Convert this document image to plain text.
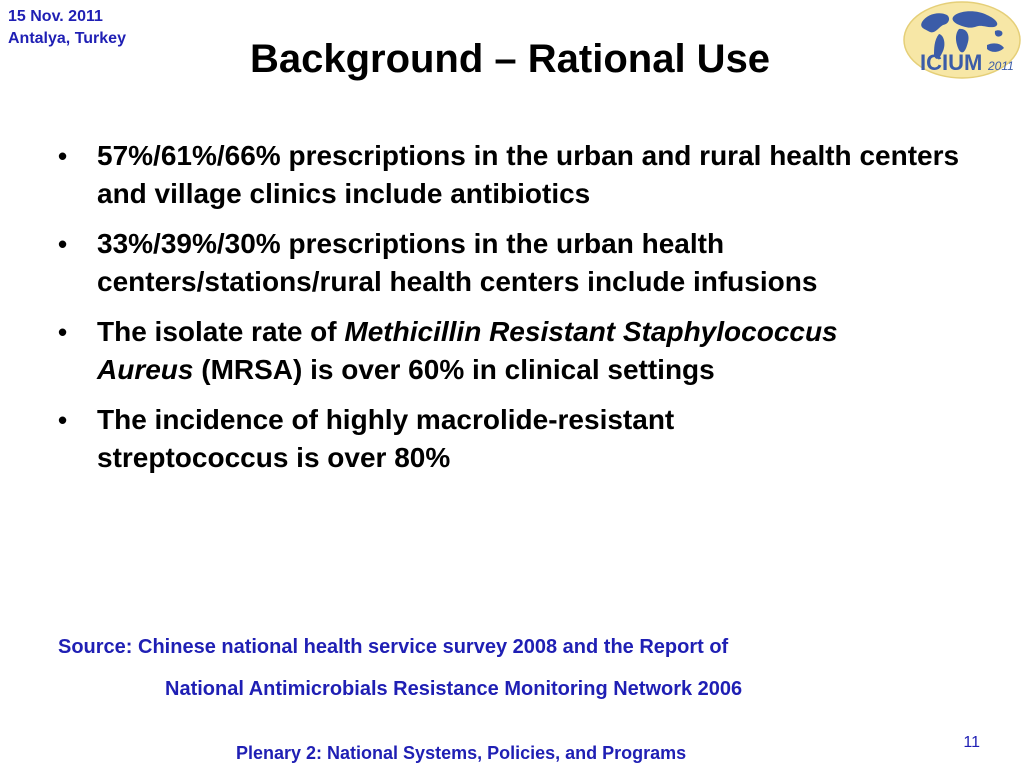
15 Nov. 2011
Antalya, Turkey	Background – Rational Use	ICIUM 2011
•	57%/61%/66% prescriptions in the urban and rural health centers and village clinics include antibiotics
•	33%/39%/30% prescriptions in the urban health centers/stations/rural health centers include infusions
•	The isolate rate of Methicillin Resistant Staphylococcus Aureus (MRSA) is over 60% in clinical settings
•	The incidence of highly macrolide-resistant streptococcus is over 80%
Source: Chinese national health service survey 2008 and the Report of
National Antimicrobials Resistance Monitoring Network 2006
Plenary 2: National Systems, Policies, and Programs
11
